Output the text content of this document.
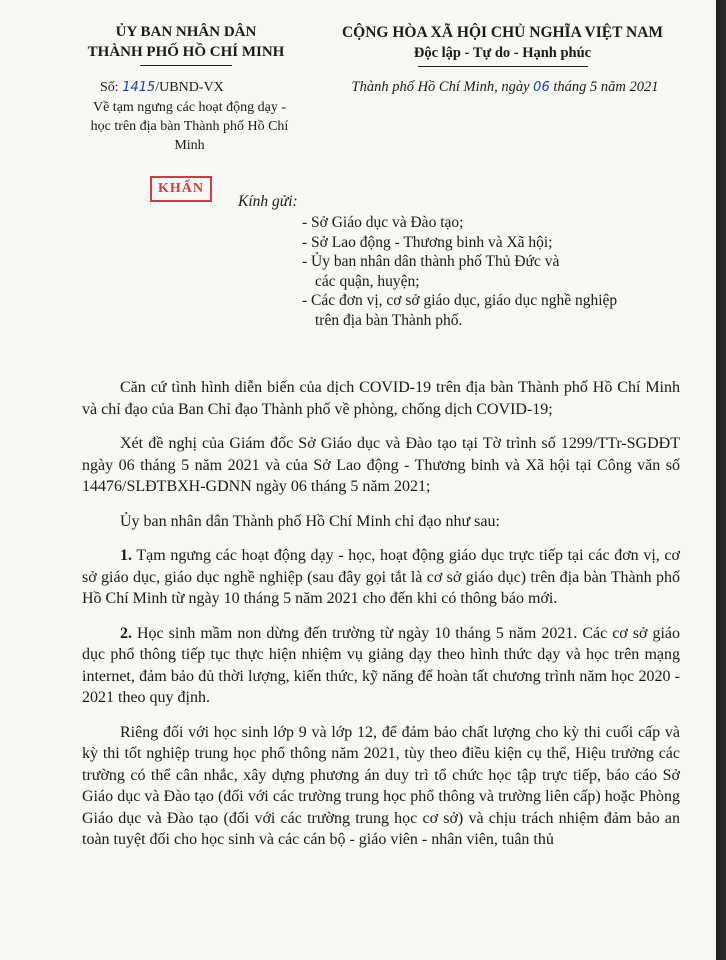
ỦY BAN NHÂN DÂN
THÀNH PHỐ HỒ CHÍ MINH
CỘNG HÒA XÃ HỘI CHỦ NGHĨA VIỆT NAM
Độc lập - Tự do - Hạnh phúc
Số: 1415/UBND-VX
Về tạm ngưng các hoạt động dạy - học trên địa bàn Thành phố Hồ Chí Minh
Thành phố Hồ Chí Minh, ngày 06 tháng 5 năm 2021
KHẨN
Kính gửi:
- Sở Giáo dục và Đào tạo;
- Sở Lao động - Thương binh và Xã hội;
- Ủy ban nhân dân thành phố Thủ Đức và
các quận, huyện;
- Các đơn vị, cơ sở giáo dục, giáo dục nghề nghiệp
trên địa bàn Thành phố.

Căn cứ tình hình diễn biến của dịch COVID-19 trên địa bàn Thành phố Hồ Chí Minh và chỉ đạo của Ban Chỉ đạo Thành phố về phòng, chống dịch COVID-19;

Xét đề nghị của Giám đốc Sở Giáo dục và Đào tạo tại Tờ trình số 1299/TTr-SGDĐT ngày 06 tháng 5 năm 2021 và của Sở Lao động - Thương binh và Xã hội tại Công văn số 14476/SLĐTBXH-GDNN ngày 06 tháng 5 năm 2021;

Ủy ban nhân dân Thành phố Hồ Chí Minh chỉ đạo như sau:

1. Tạm ngưng các hoạt động dạy - học, hoạt động giáo dục trực tiếp tại các đơn vị, cơ sở giáo dục, giáo dục nghề nghiệp (sau đây gọi tắt là cơ sở giáo dục) trên địa bàn Thành phố Hồ Chí Minh từ ngày 10 tháng 5 năm 2021 cho đến khi có thông báo mới.

2. Học sinh mầm non dừng đến trường từ ngày 10 tháng 5 năm 2021. Các cơ sở giáo dục phổ thông tiếp tục thực hiện nhiệm vụ giảng dạy theo hình thức dạy và học trên mạng internet, đảm bảo đủ thời lượng, kiến thức, kỹ năng để hoàn tất chương trình năm học 2020 - 2021 theo quy định.

Riêng đối với học sinh lớp 9 và lớp 12, để đảm bảo chất lượng cho kỳ thi cuối cấp và kỳ thi tốt nghiệp trung học phổ thông năm 2021, tùy theo điều kiện cụ thể, Hiệu trưởng các trường có thể cân nhắc, xây dựng phương án duy trì tổ chức học tập trực tiếp, báo cáo Sở Giáo dục và Đào tạo (đối với các trường trung học phổ thông và trường liên cấp) hoặc Phòng Giáo dục và Đào tạo (đối với các trường trung học cơ sở) và chịu trách nhiệm đảm bảo an toàn tuyệt đối cho học sinh và các cán bộ - giáo viên - nhân viên, tuân thủ
